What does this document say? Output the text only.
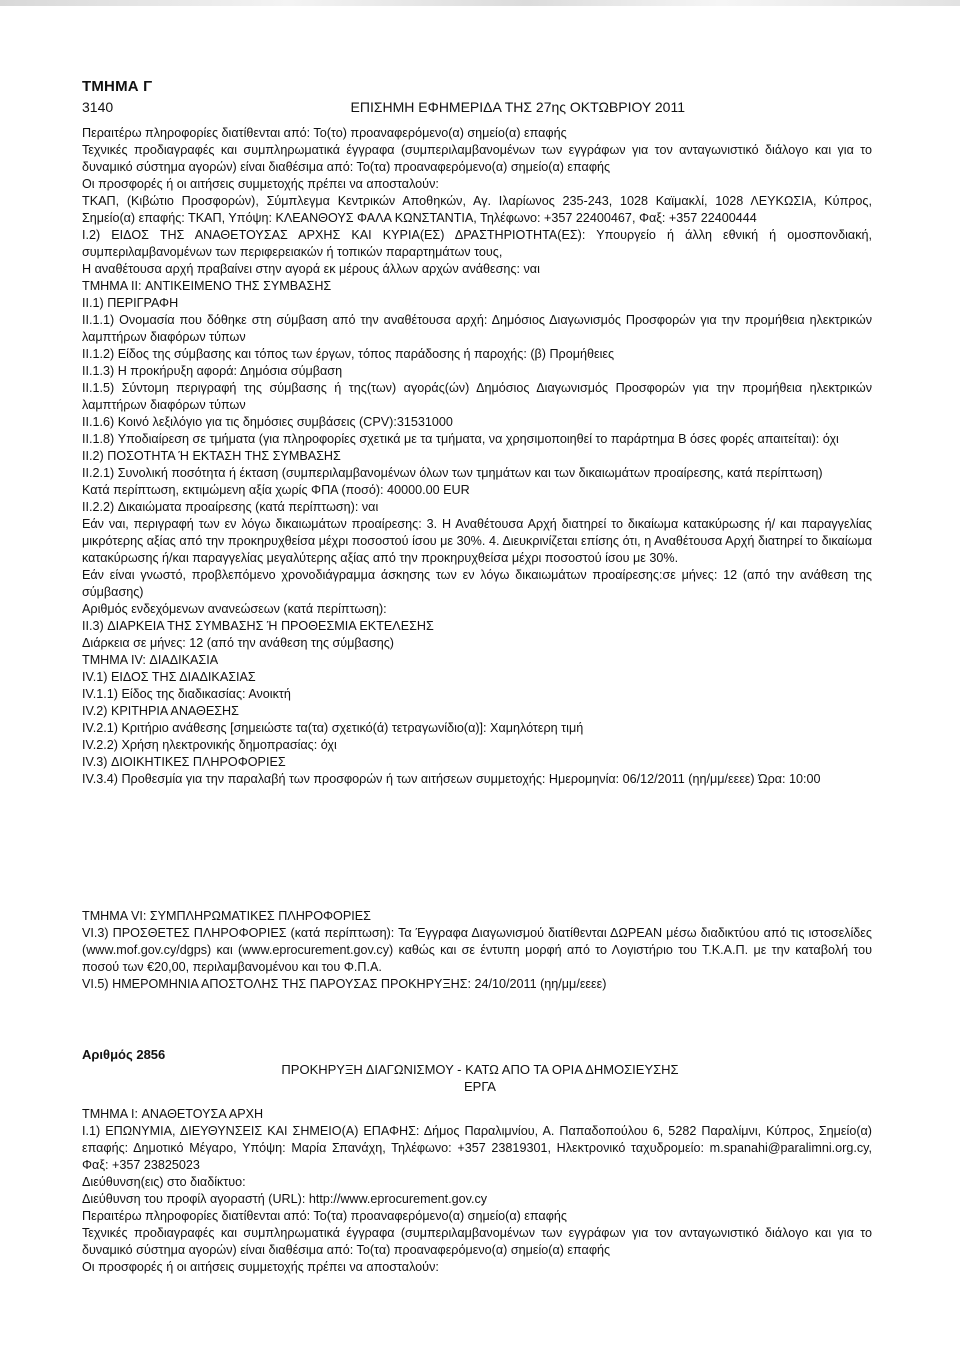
ΤΜΗΜΑ Γ
3140	ΕΠΙΣΗΜΗ ΕΦΗΜΕΡΙΔΑ ΤΗΣ 27ης ΟΚΤΩΒΡΙΟΥ 2011

Περαιτέρω πληροφορίες διατίθενται από: Το(το) προαναφερόμενο(α) σημείο(α) επαφής

Τεχνικές προδιαγραφές και συμπληρωματικά έγγραφα (συμπεριλαμβανομένων των εγγράφων για τον ανταγωνιστικό διάλογο και για το δυναμικό σύστημα αγορών) είναι διαθέσιμα από: Το(τα) προαναφερόμενο(α) σημείο(α) επαφής

Οι προσφορές ή οι αιτήσεις συμμετοχής πρέπει να αποσταλούν:

ΤΚΑΠ, (Κιβώτιο Προσφορών), Σύμπλεγμα Κεντρικών Αποθηκών, Αγ. Ιλαρίωνος 235-243, 1028 Καϊμακλί, 1028 ΛΕΥΚΩΣΙΑ, Κύπρος, Σημείο(α) επαφής: ΤΚΑΠ, Υπόψη: ΚΛΕΑΝΘΟΥΣ ΦΑΛΑ ΚΩΝΣΤΑΝΤΙΑ, Τηλέφωνο: +357 22400467, Φαξ: +357 22400444

I.2) ΕΙΔΟΣ ΤΗΣ ΑΝΑΘΕΤΟΥΣΑΣ ΑΡΧΗΣ ΚΑΙ ΚΥΡΙΑ(ΕΣ) ΔΡΑΣΤΗΡΙΟΤΗΤΑ(ΕΣ): Υπουργείο ή άλλη εθνική ή ομοσπονδιακή, συμπεριλαμβανομένων των περιφερειακών ή τοπικών παραρτημάτων τους,

Η αναθέτουσα αρχή πραβαίνει στην αγορά εκ μέρους άλλων αρχών ανάθεσης: ναι

ΤΜΗΜΑ II: ΑΝΤΙΚΕΙΜΕΝΟ ΤΗΣ ΣΥΜΒΑΣΗΣ

II.1) ΠΕΡΙΓΡΑΦΗ

II.1.1) Ονομασία που δόθηκε στη σύμβαση από την αναθέτουσα αρχή: Δημόσιος Διαγωνισμός Προσφορών για την προμήθεια ηλεκτρικών λαμπτήρων διαφόρων τύπων

II.1.2) Είδος της σύμβασης και τόπος των έργων, τόπος παράδοσης ή παροχής: (β) Προμήθειες

II.1.3) Η προκήρυξη αφορά: Δημόσια σύμβαση

II.1.5) Σύντομη περιγραφή της σύμβασης ή της(των) αγοράς(ών) Δημόσιος Διαγωνισμός Προσφορών για την προμήθεια ηλεκτρικών λαμπτήρων διαφόρων τύπων

II.1.6) Κοινό λεξιλόγιο για τις δημόσιες συμβάσεις (CPV):31531000

II.1.8) Υποδιαίρεση σε τμήματα (για πληροφορίες σχετικά με τα τμήματα, να χρησιμοποιηθεί το παράρτημα Β όσες φορές απαιτείται): όχι

II.2) ΠΟΣΟΤΗΤΑ Ή ΕΚΤΑΣΗ ΤΗΣ ΣΥΜΒΑΣΗΣ

II.2.1) Συνολική ποσότητα ή έκταση (συμπεριλαμβανομένων όλων των τμημάτων και των δικαιωμάτων προαίρεσης, κατά περίπτωση)

Κατά περίπτωση, εκτιμώμενη αξία χωρίς ΦΠΑ (ποσό): 40000.00 EUR

II.2.2) Δικαιώματα προαίρεσης (κατά περίπτωση): ναι

Εάν ναι, περιγραφή των εν λόγω δικαιωμάτων προαίρεσης: 3. Η Αναθέτουσα Αρχή διατηρεί το δικαίωμα κατακύρωσης ή/ και παραγγελίας μικρότερης αξίας από την προκηρυχθείσα μέχρι ποσοστού ίσου με 30%. 4. Διευκρινίζεται επίσης ότι, η Αναθέτουσα Αρχή διατηρεί το δικαίωμα κατακύρωσης ή/και παραγγελίας μεγαλύτερης αξίας από την προκηρυχθείσα μέχρι ποσοστού ίσου με 30%.

Εάν είναι γνωστό, προβλεπόμενο χρονοδιάγραμμα άσκησης των εν λόγω δικαιωμάτων προαίρεσης:σε μήνες: 12 (από την ανάθεση της σύμβασης)

Αριθμός ενδεχόμενων ανανεώσεων (κατά περίπτωση):

II.3) ΔΙΑΡΚΕΙΑ ΤΗΣ ΣΥΜΒΑΣΗΣ Ή ΠΡΟΘΕΣΜΙΑ ΕΚΤΕΛΕΣΗΣ

Διάρκεια σε μήνες: 12 (από την ανάθεση της σύμβασης)

ΤΜΗΜΑ IV: ΔΙΑΔΙΚΑΣΙΑ

IV.1) ΕΙΔΟΣ ΤΗΣ ΔΙΑΔΙΚΑΣΙΑΣ

IV.1.1) Είδος της διαδικασίας: Ανοικτή

IV.2) ΚΡΙΤΗΡΙΑ ΑΝΑΘΕΣΗΣ

IV.2.1) Κριτήριο ανάθεσης [σημειώστε τα(τα) σχετικό(ά) τετραγωνίδιο(α)]: Χαμηλότερη τιμή

IV.2.2) Χρήση ηλεκτρονικής δημοπρασίας: όχι

IV.3) ΔΙΟΙΚΗΤΙΚΕΣ ΠΛΗΡΟΦΟΡΙΕΣ

IV.3.4) Προθεσμία για την παραλαβή των προσφορών ή των αιτήσεων συμμετοχής: Ημερομηνία: 06/12/2011 (ηη/μμ/εεεε) Ώρα: 10:00

ΤΜΗΜΑ VI: ΣΥΜΠΛΗΡΩΜΑΤΙΚΕΣ ΠΛΗΡΟΦΟΡΙΕΣ

VI.3) ΠΡΟΣΘΕΤΕΣ ΠΛΗΡΟΦΟΡΙΕΣ (κατά περίπτωση): Τα Έγγραφα Διαγωνισμού διατίθενται ΔΩΡΕΑΝ μέσω διαδικτύου από τις ιστοσελίδες (www.mof.gov.cy/dgps) και (www.eprocurement.gov.cy) καθώς και σε έντυπη μορφή από το Λογιστήριο του Τ.Κ.Α.Π. με την καταβολή του ποσού των €20,00, περιλαμβανομένου και του Φ.Π.Α.

VI.5) ΗΜΕΡΟΜΗΝΙΑ ΑΠΟΣΤΟΛΗΣ ΤΗΣ ΠΑΡΟΥΣΑΣ ΠΡΟΚΗΡΥΞΗΣ: 24/10/2011 (ηη/μμ/εεεε)

Αριθμός 2856
ΠΡΟΚΗΡΥΞΗ ΔΙΑΓΩΝΙΣΜΟΥ - ΚΑΤΩ ΑΠΟ ΤΑ ΟΡΙΑ ΔΗΜΟΣΙΕΥΣΗΣ
ΕΡΓΑ

ΤΜΗΜΑ I: ΑΝΑΘΕΤΟΥΣΑ ΑΡΧΗ

I.1) ΕΠΩΝΥΜΙΑ, ΔΙΕΥΘΥΝΣΕΙΣ ΚΑΙ ΣΗΜΕΙΟ(Α) ΕΠΑΦΗΣ: Δήμος Παραλιμνίου, Α. Παπαδοπούλου 6, 5282 Παραλίμνι, Κύπρος, Σημείο(α) επαφής: Δημοτικό Μέγαρο, Υπόψη: Μαρία Σπανάχη, Τηλέφωνο: +357 23819301, Ηλεκτρονικό ταχυδρομείο: m.spanahi@paralimni.org.cy, Φαξ: +357 23825023

Διεύθυνση(εις) στο διαδίκτυο:

Διεύθυνση του προφίλ αγοραστή (URL): http://www.eprocurement.gov.cy

Περαιτέρω πληροφορίες διατίθενται από: Το(τα) προαναφερόμενο(α) σημείο(α) επαφής

Τεχνικές προδιαγραφές και συμπληρωματικά έγγραφα (συμπεριλαμβανομένων των εγγράφων για τον ανταγωνιστικό διάλογο και για το δυναμικό σύστημα αγορών) είναι διαθέσιμα από: Το(τα) προαναφερόμενο(α) σημείο(α) επαφής

Οι προσφορές ή οι αιτήσεις συμμετοχής πρέπει να αποσταλούν:
